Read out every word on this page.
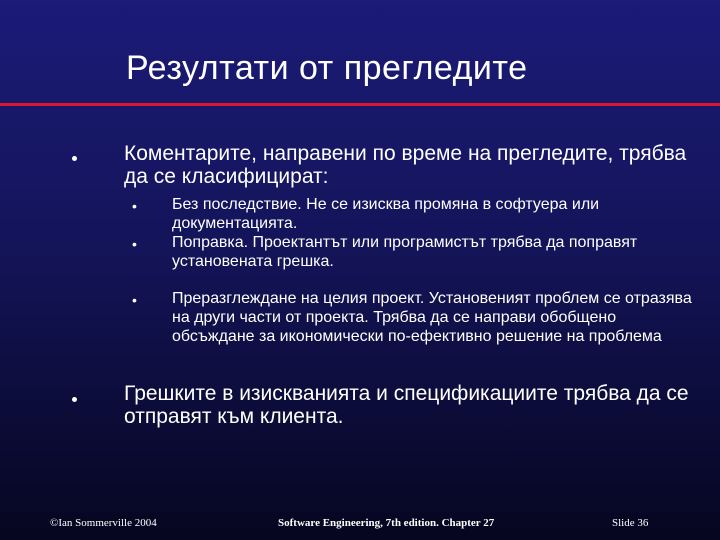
Резултати от прегледите
Коментарите, направени по време на прегледите, трябва да се класифицират:
• Без последствие. Не се изисква промяна в софтуера или документацията.
• Поправка. Проектантът или програмистът трябва да поправят установената грешка.
• Преразглеждане на целия проект. Установеният проблем се отразява на други части от проекта. Трябва да се направи обобщено обсъждане за икономически по-ефективно решение на проблема
Грешките в изискванията и спецификациите трябва да се отправят към клиента.
©Ian Sommerville 2004	Software Engineering, 7th edition. Chapter 27	Slide 36
